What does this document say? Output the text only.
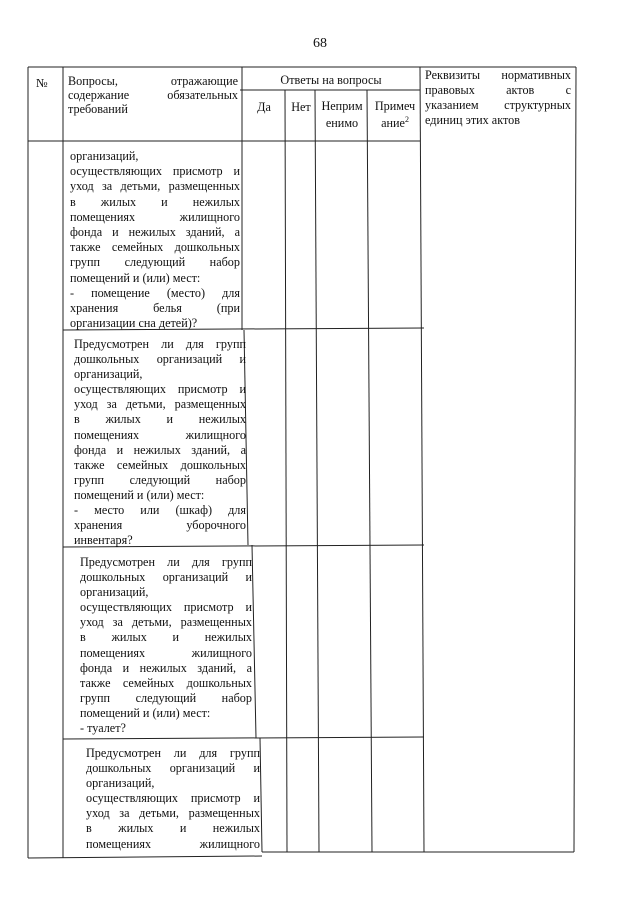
68
№ Вопросы, отражающие
содержание обязательных
требований
Ответы на вопросы
Да	Нет Неприм
енимо
Примеч
ание$^2$
Реквизиты нормативных
правовых актов с
указанием структурных
единиц этих актов
организаций,
осуществляющих присмотр и
уход за детьми, размещенных
в жилых и нежилых
помещениях жилищного
фонда и нежилых зданий, а
также семейных дошкольных
групп следующий набор
помещений и (или) мест:
- помещение (место) для
хранения белья (при
организации сна детей)?
Предусмотрен ли для групп
дошкольных организаций и
организаций,
осуществляющих присмотр и
уход за детьми, размещенных
в жилых и нежилых
помещениях жилищного
фонда и нежилых зданий, а
также семейных дошкольных
групп следующий набор
помещений и (или) мест:
- место или (шкаф) для
хранения уборочного
инвентаря?
Предусмотрен ли для групп
дошкольных организаций и
организаций,
осуществляющих присмотр и
уход за детьми, размещенных
в жилых и нежилых
помещениях жилищного
фонда и нежилых зданий, а
также семейных дошкольных
групп следующий набор
помещений и (или) мест:
- туалет?
Предусмотрен ли для групп
дошкольных организаций и
организаций,
осуществляющих присмотр и
уход за детьми, размещенных
в жилых и нежилых
помещениях жилищного
